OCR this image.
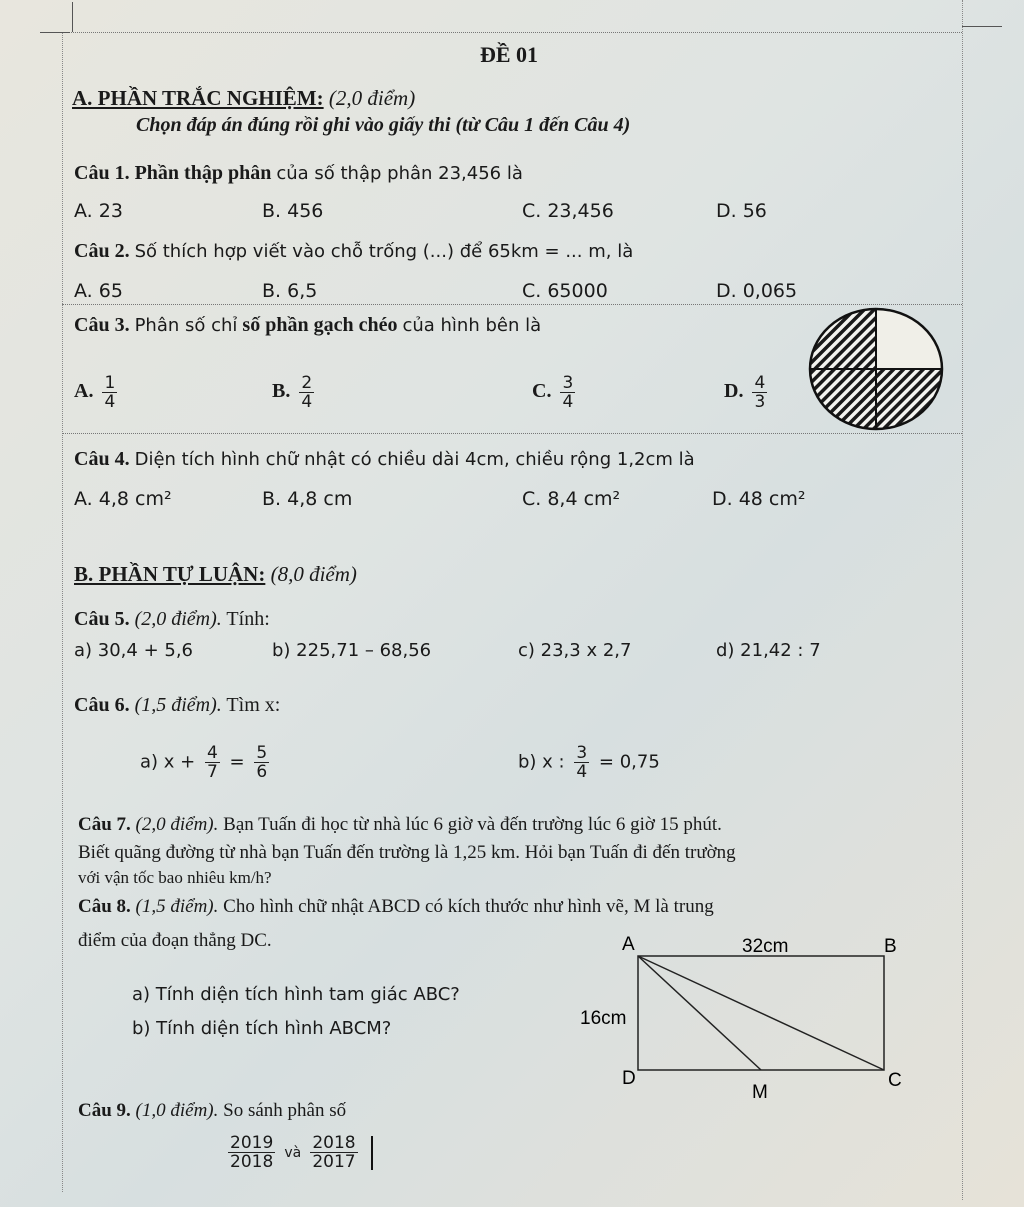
ĐỀ 01
A. PHẦN TRẮC NGHIỆM: (2,0 điểm)
Chọn đáp án đúng rồi ghi vào giấy thi (từ Câu 1 đến Câu 4)
Câu 1. Phần thập phân của số thập phân 23,456 là
A. 23	B. 456	C. 23,456	D. 56
Câu 2. Số thích hợp viết vào chỗ trống (...) để 65km = ... m, là
A. 65	B. 6,5	C. 65000	D. 0,065
Câu 3. Phân số chỉ số phần gạch chéo của hình bên là
A. $\frac{1}{4}$	B. $\frac{2}{4}$	C. $\frac{3}{4}$	D. $\frac{4}{3}$
Câu 4. Diện tích hình chữ nhật có chiều dài 4cm, chiều rộng 1,2cm là
A. 4,8 cm²	B. 4,8 cm	C. 8,4 cm²	D. 48 cm²
B. PHẦN TỰ LUẬN: (8,0 điểm)
Câu 5. (2,0 điểm). Tính:
a) 30,4 + 5,6	b) 225,71 – 68,56	c) 23,3 x 2,7	d) 21,42 : 7
Câu 6. (1,5 điểm). Tìm x:
a) $x + \frac{4}{7} = \frac{5}{6}$	b) x : $\frac{3}{4} = 0,75$
Câu 7. (2,0 điểm). Bạn Tuấn đi học từ nhà lúc 6 giờ và đến trường lúc 6 giờ 15 phút.
Biết quãng đường từ nhà bạn Tuấn đến trường là 1,25 km. Hỏi bạn Tuấn đi đến trường
với vận tốc bao nhiêu km/h?
Câu 8. (1,5 điểm). Cho hình chữ nhật ABCD có kích thước như hình vẽ, M là trung
điểm của đoạn thẳng DC.
a) Tính diện tích hình tam giác ABC?
b) Tính diện tích hình ABCM?
A	B
C
D
M
32cm
16cm
Câu 9. (1,0 điểm). So sánh phân số
$\frac{2019}{2018}$ và $\frac{2018}{2017}$
